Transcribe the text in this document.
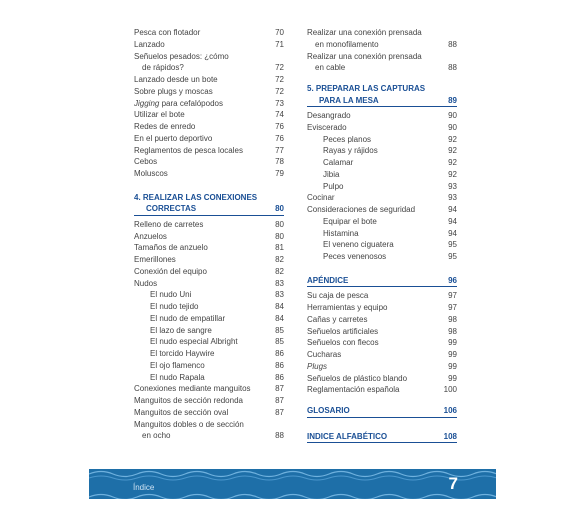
Pesca con flotador	70
Lanzado	71
Señuelos pesados: ¿cómo
de rápidos?	72
Lanzado desde un bote	72
Sobre plugs y moscas	72
Jigging para cefalópodos	73
Utilizar el bote	74
Redes de enredo	76
En el puerto deportivo	76
Reglamentos de pesca locales	77
Cebos	78
Moluscos	79
4. REALIZAR LAS CONEXIONES
CORRECTAS	80
Relleno de carretes	80
Anzuelos	80
Tamaños de anzuelo	81
Emerillones	82
Conexión del equipo	82
Nudos	83
El nudo Uni	83
El nudo tejido	84
El nudo de empatillar	84
El lazo de sangre	85
El nudo especial Albright	85
El torcido Haywire	86
El ojo flamenco	86
El nudo Rapala	86
Conexiones mediante manguitos	87
Manguitos de sección redonda	87
Manguitos de sección oval	87
Manguitos dobles o de sección
en ocho	88
Realizar una conexión prensada
en monofilamento	88
Realizar una conexión prensada
en cable	88
5. PREPARAR LAS CAPTURAS
PARA LA MESA	89
Desangrado	90
Eviscerado	90
Peces planos	92
Rayas y rájidos	92
Calamar	92
Jibia	92
Pulpo	93
Cocinar	93
Consideraciones de seguridad	94
Equipar el bote	94
Histamina	94
El veneno ciguatera	95
Peces venenosos	95
APÉNDICE	96
Su caja de pesca	97
Herramientas y equipo	97
Cañas y carretes	98
Señuelos artificiales	98
Señuelos con flecos	99
Cucharas	99
Plugs	99
Señuelos de plástico blando	99
Reglamentación española	100
GLOSARIO	106
INDICE ALFABÉTICO	108
Índice	7
